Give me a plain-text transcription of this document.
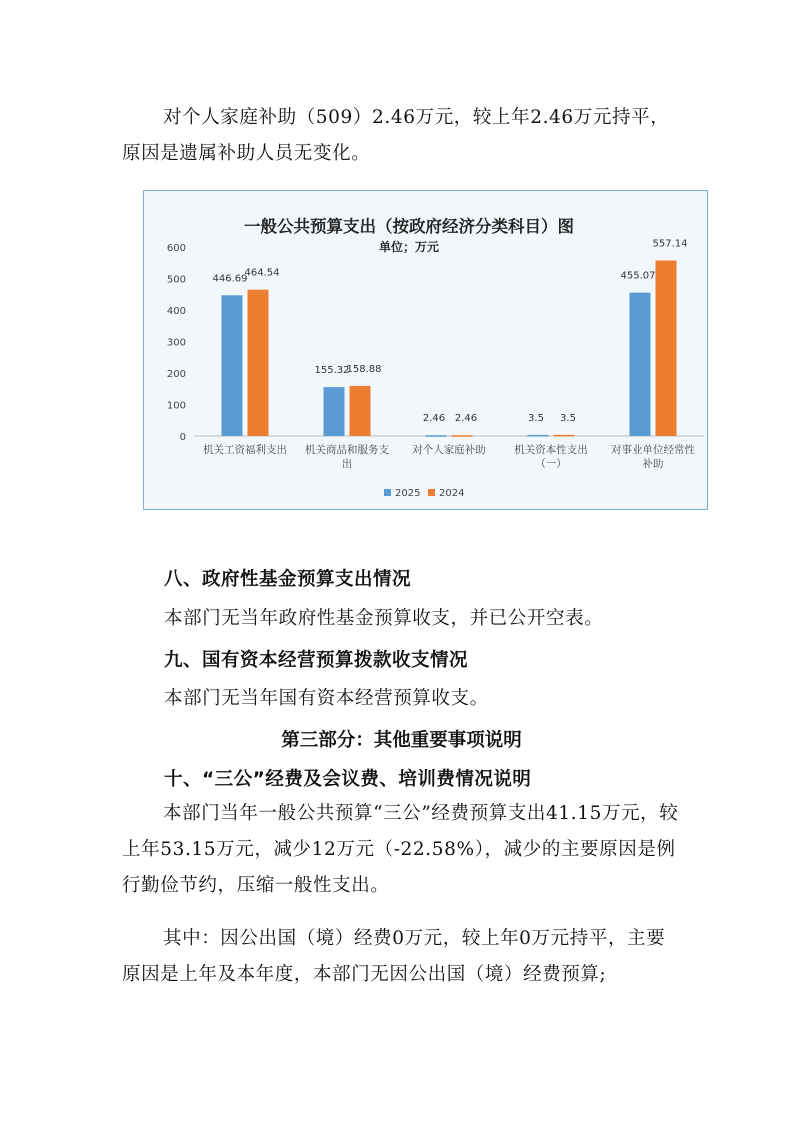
对个人家庭补助（509）2.46万元，较上年2.46万元持平，原因是遗属补助人员无变化。

一般公共预算支出（按政府经济分类科目）图
单位；万元
0
100
200
300
400
500
600
446.69
464.54
155.32
158.88
2.46 2.46	3.5 3.5
455.07
557.14
机关工资福利支出 机关商品和服务支
出
对个人家庭补助	机关资本性支出
（一）
对事业单位经常性
补助
2025 2024

八、政府性基金预算支出情况

本部门无当年政府性基金预算收支，并已公开空表。

九、国有资本经营预算拨款收支情况

本部门无当年国有资本经营预算收支。

第三部分：其他重要事项说明

十、“三公”经费及会议费、培训费情况说明

本部门当年一般公共预算“三公”经费预算支出41.15万元，较上年53.15万元，减少12万元（-22.58%），减少的主要原因是例行勤俭节约，压缩一般性支出。

其中：因公出国（境）经费0万元，较上年0万元持平，主要原因是上年及本年度，本部门无因公出国（境）经费预算;
